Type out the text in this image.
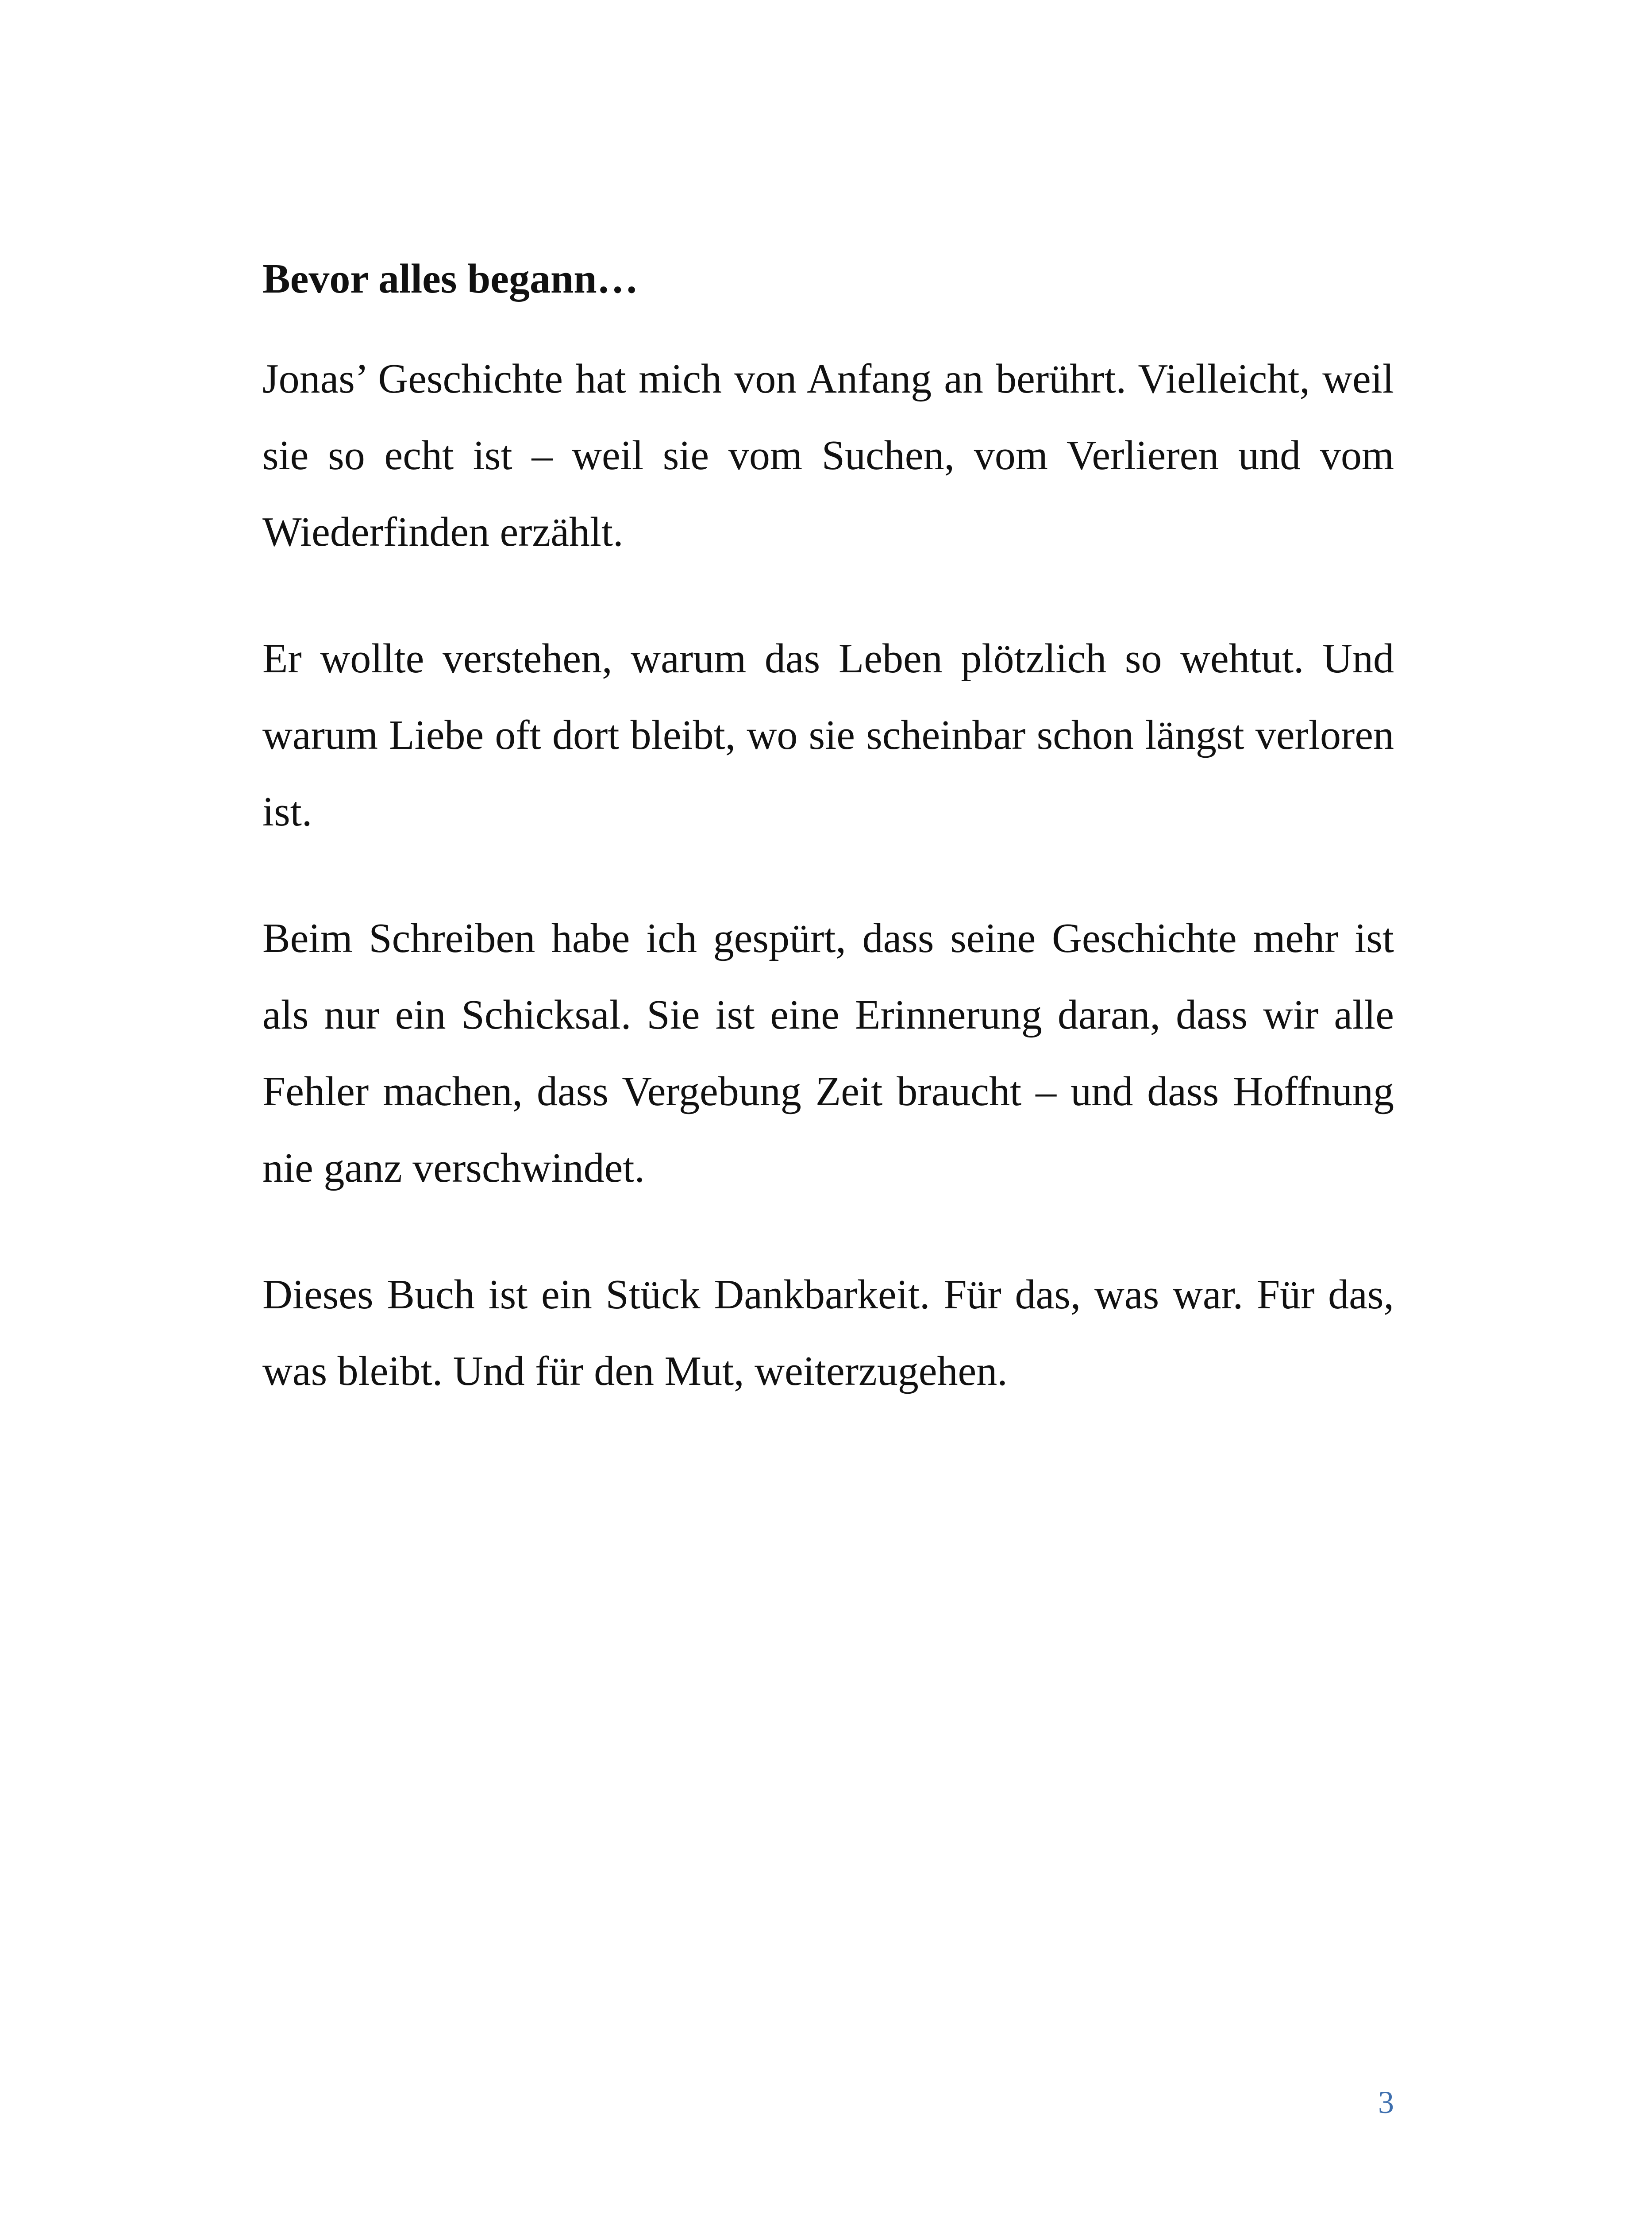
Bevor alles begann…

Jonas’ Geschichte hat mich von Anfang an berührt. Vielleicht, weil sie so echt ist – weil sie vom Suchen, vom Verlieren und vom Wiederfinden erzählt.

Er wollte verstehen, warum das Leben plötzlich so wehtut. Und warum Liebe oft dort bleibt, wo sie scheinbar schon längst verloren ist.

Beim Schreiben habe ich gespürt, dass seine Geschichte mehr ist als nur ein Schicksal. Sie ist eine Erinnerung daran, dass wir alle Fehler machen, dass Vergebung Zeit braucht – und dass Hoffnung nie ganz verschwindet.

Dieses Buch ist ein Stück Dankbarkeit. Für das, was war. Für das, was bleibt. Und für den Mut, weiterzugehen.

3
